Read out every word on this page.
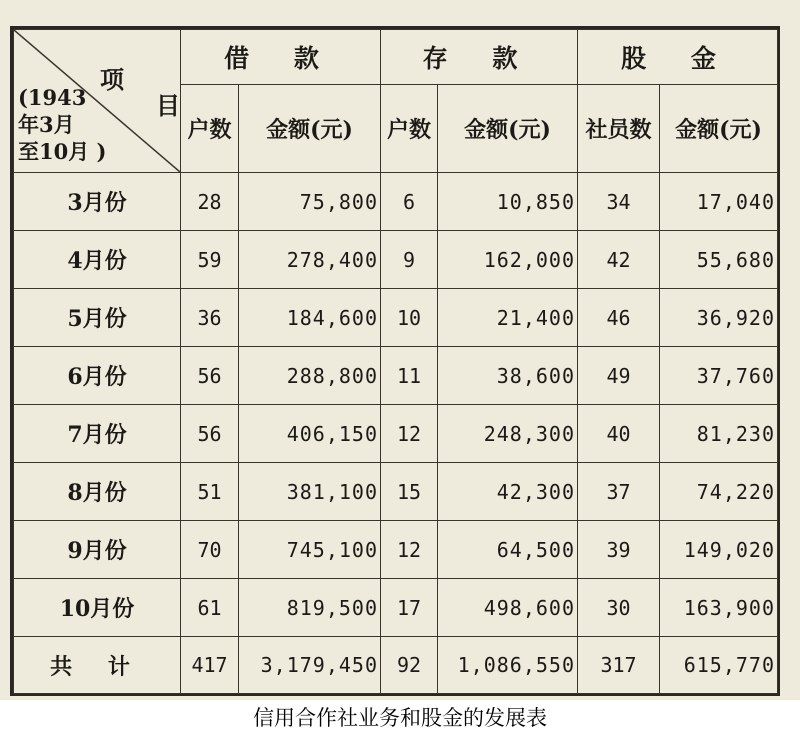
项
目
(1943
年3月
至10月 )	借 款		存 款		股 金	
	户数	金额(元)	户数	金额(元)	社员数	金额(元)
3月份	28	75,800	6	10,850	34	17,040
4月份	59	278,400	9	162,000	42	55,680
5月份	36	184,600	10	21,400	46	36,920
6月份	56	288,800	11	38,600	49	37,760
7月份	56	406,150	12	248,300	40	81,230
8月份	51	381,100	15	42,300	37	74,220
9月份	70	745,100	12	64,500	39	149,020
10月份	61	819,500	17	498,600	30	163,900
共 计	417	3,179,450	92	1,086,550	317	615,770
信用合作社业务和股金的发展表
